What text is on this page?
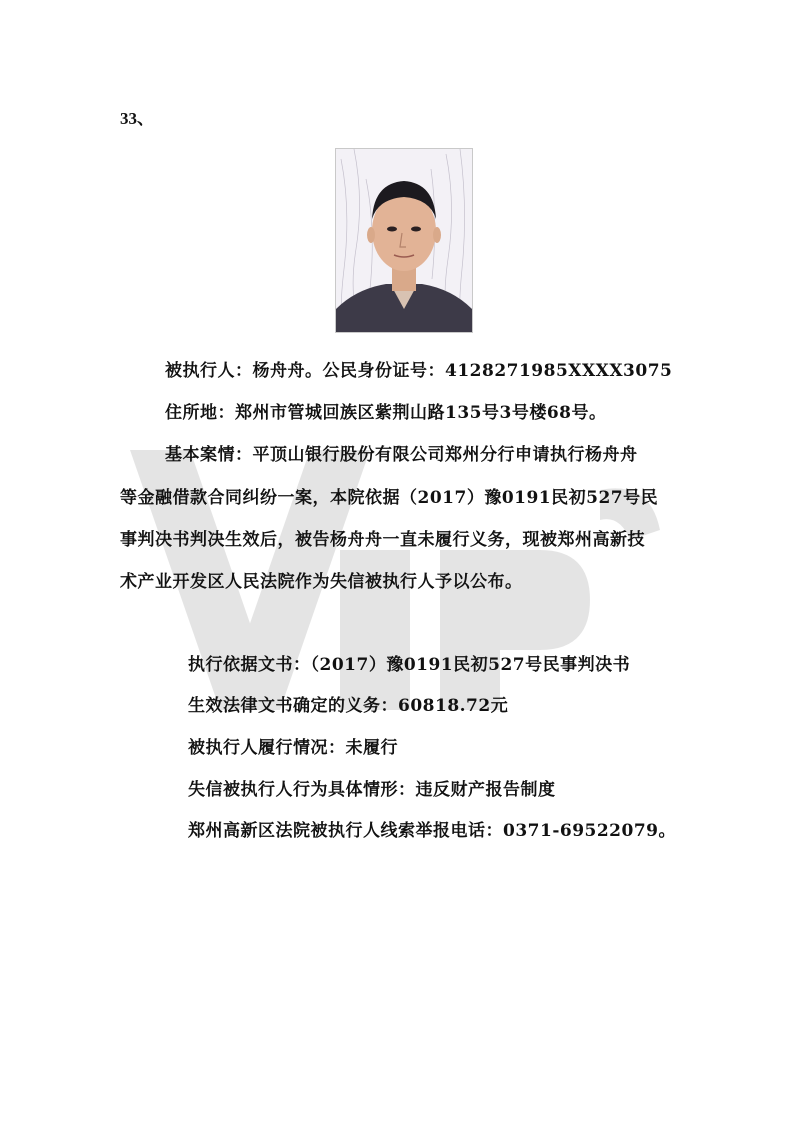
33、
被执行人：杨舟舟。公民身份证号：4128271985XXXX3075
住所地：郑州市管城回族区紫荆山路135号3号楼68号。
基本案情：平顶山银行股份有限公司郑州分行申请执行杨舟舟
等金融借款合同纠纷一案，本院依据（2017）豫0191民初527号民
事判决书判决生效后，被告杨舟舟一直未履行义务，现被郑州高新技
术产业开发区人民法院作为失信被执行人予以公布。
执行依据文书：（2017）豫0191民初527号民事判决书
生效法律文书确定的义务：60818.72元
被执行人履行情况：未履行
失信被执行人行为具体情形：违反财产报告制度
郑州高新区法院被执行人线索举报电话：0371-69522079。
